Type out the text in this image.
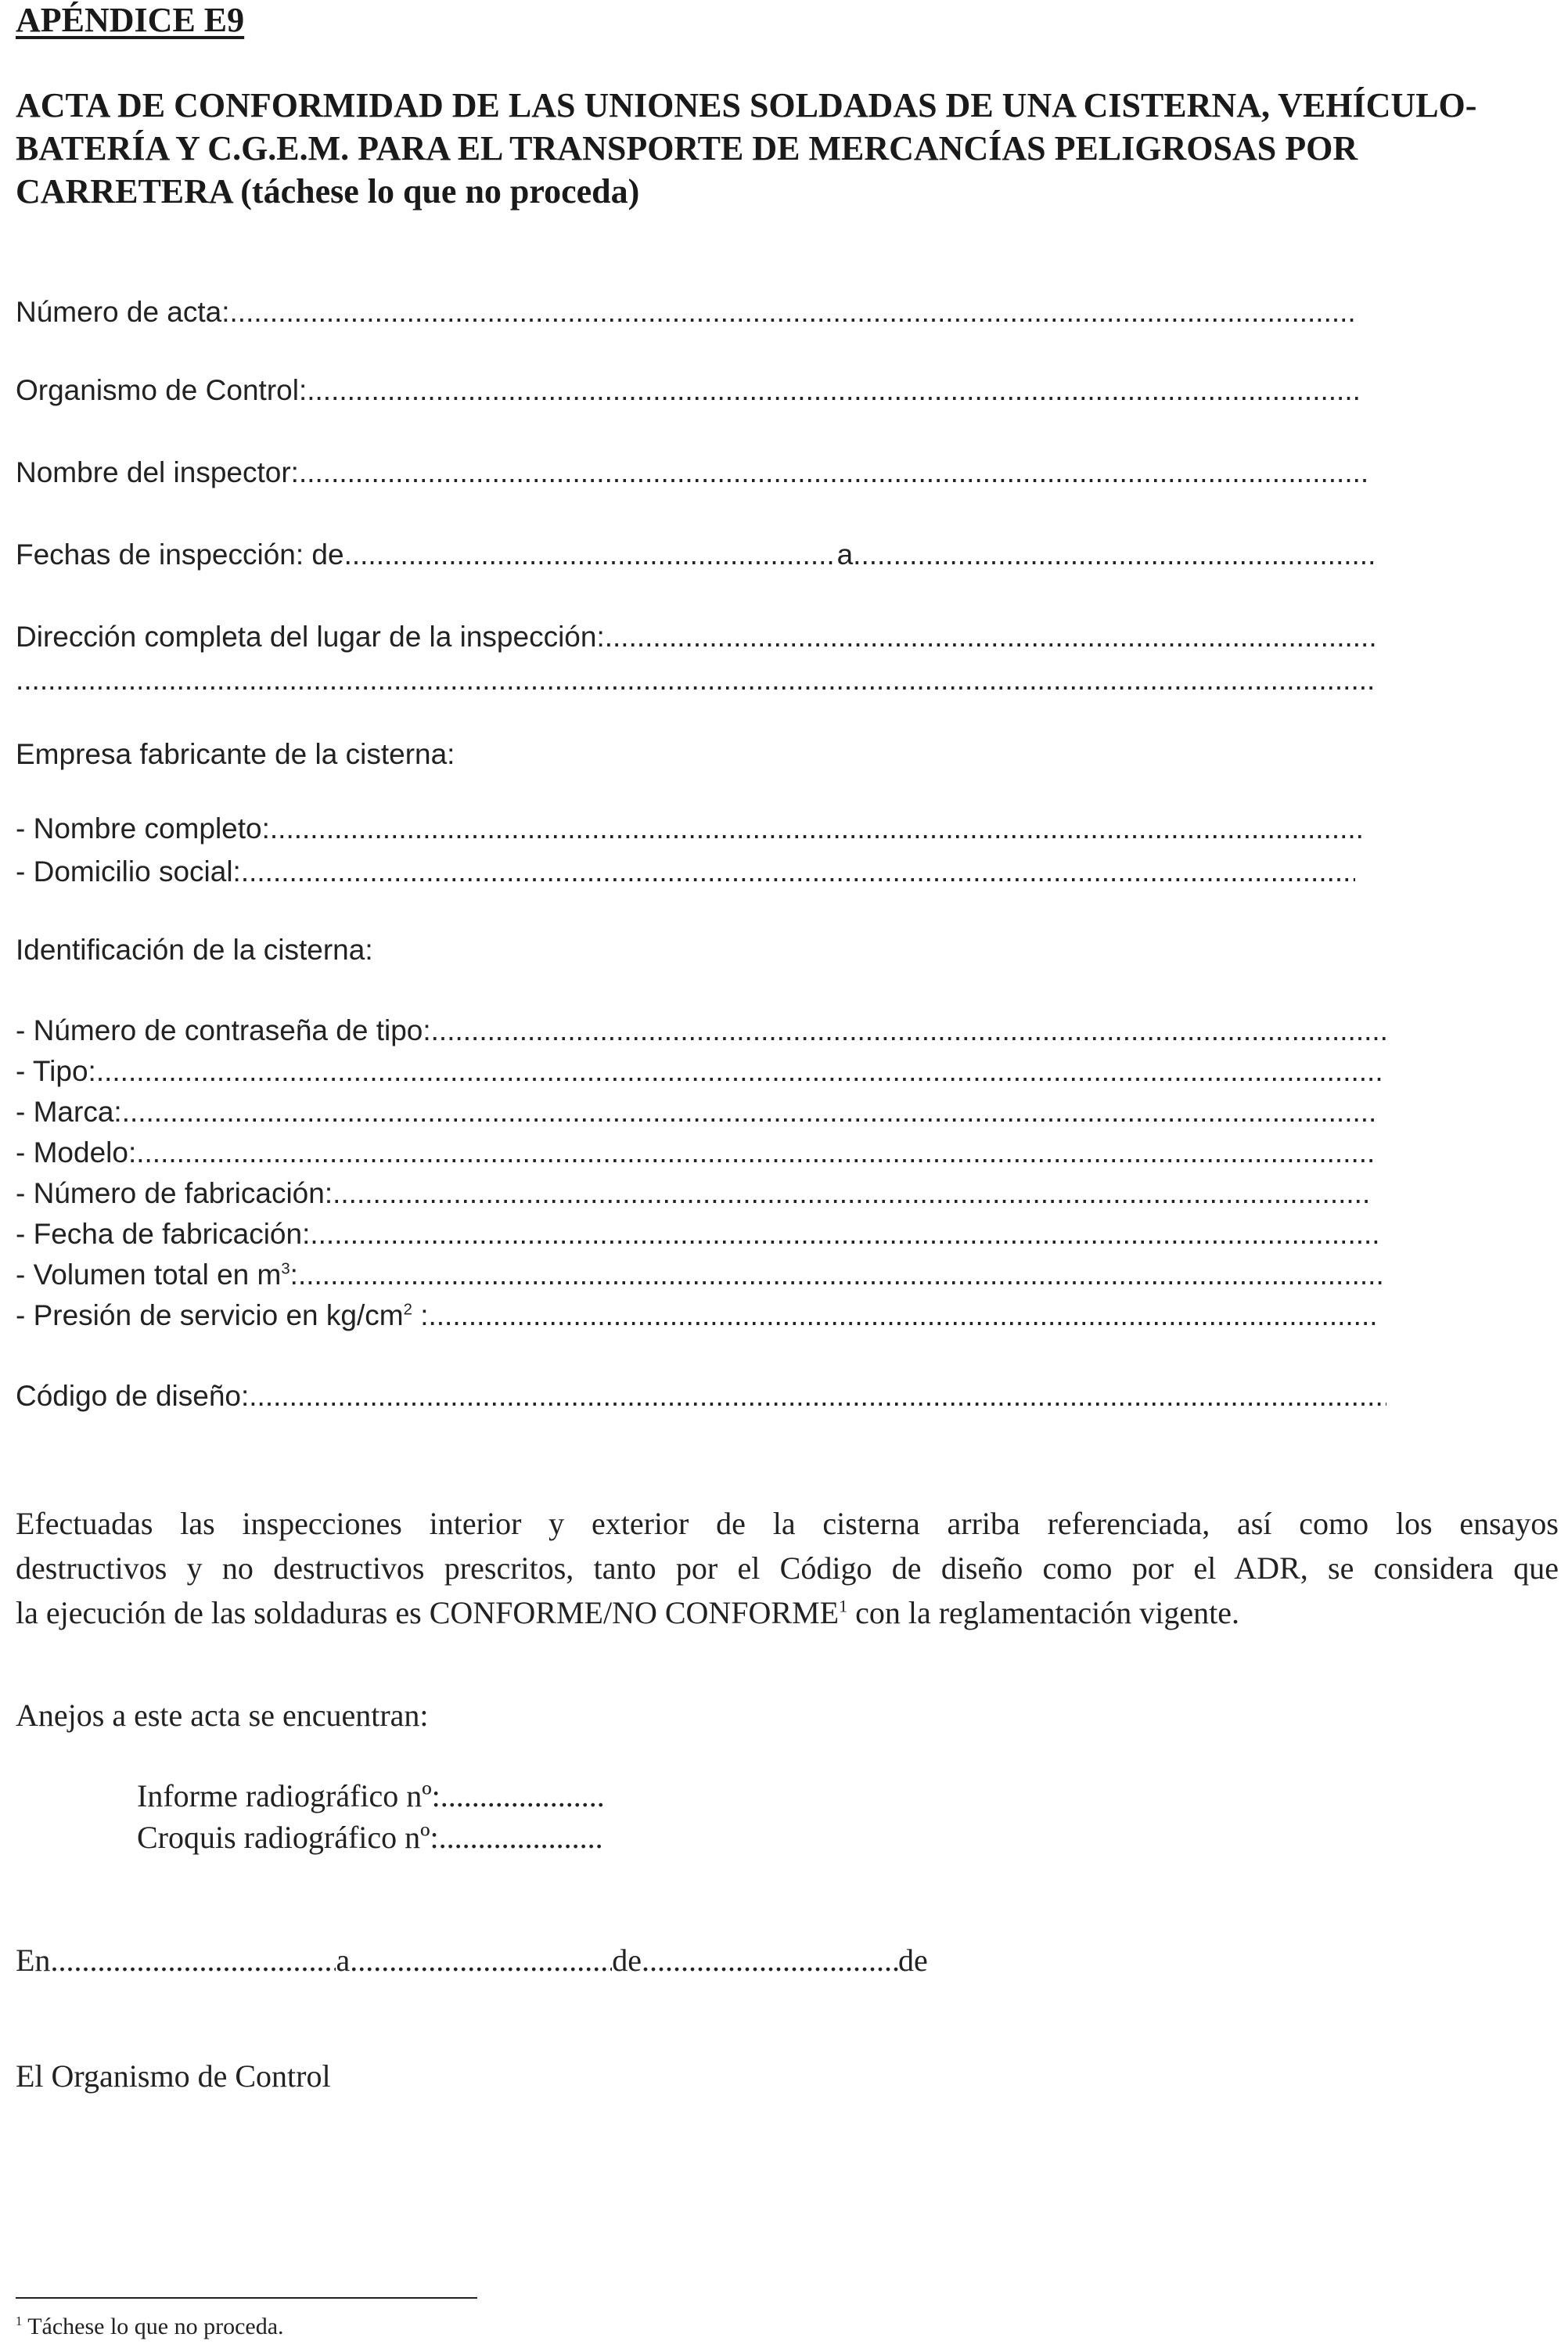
APÉNDICE E9
ACTA DE CONFORMIDAD DE LAS UNIONES SOLDADAS DE UNA CISTERNA, VEHÍCULO-
BATERÍA Y C.G.E.M. PARA EL TRANSPORTE DE MERCANCÍAS PELIGROSAS POR
CARRETERA (táchese lo que no proceda)
Número de acta:
.....
Organismo de Control:
.....
Nombre del inspector:
.....
Fechas de inspección: de .....	a
.....
Dirección completa del lugar de la inspección:
.....
.....
Empresa fabricante de la cisterna:
- Nombre completo:
.....
- Domicilio social:
.....
Identificación de la cisterna:
- Número de contraseña de tipo:
.....
- Tipo:
.....
- Marca:
.....
- Modelo:
.....
- Número de fabricación:
.....
- Fecha de fabricación:
.....
- Volumen total en $m^3$:
.....
- Presión de servicio en $kg/cm^2$ :
.....
Código de diseño:
.....
Efectuadas las inspecciones interior y exterior de la cisterna arriba referenciada, así como los ensayos
destructivos y no destructivos prescritos, tanto por el Código de diseño como por el ADR, se considera que
la ejecución de las soldaduras es CONFORME/NO CONFORME$^1$ con la reglamentación vigente.
Anejos a este acta se encuentran:
Informe radiográfico nº:
.....
Croquis radiográfico nº:
.....
En .....	a .....	de .....	de
El Organismo de Control
$^1$ Táchese lo que no proceda.
